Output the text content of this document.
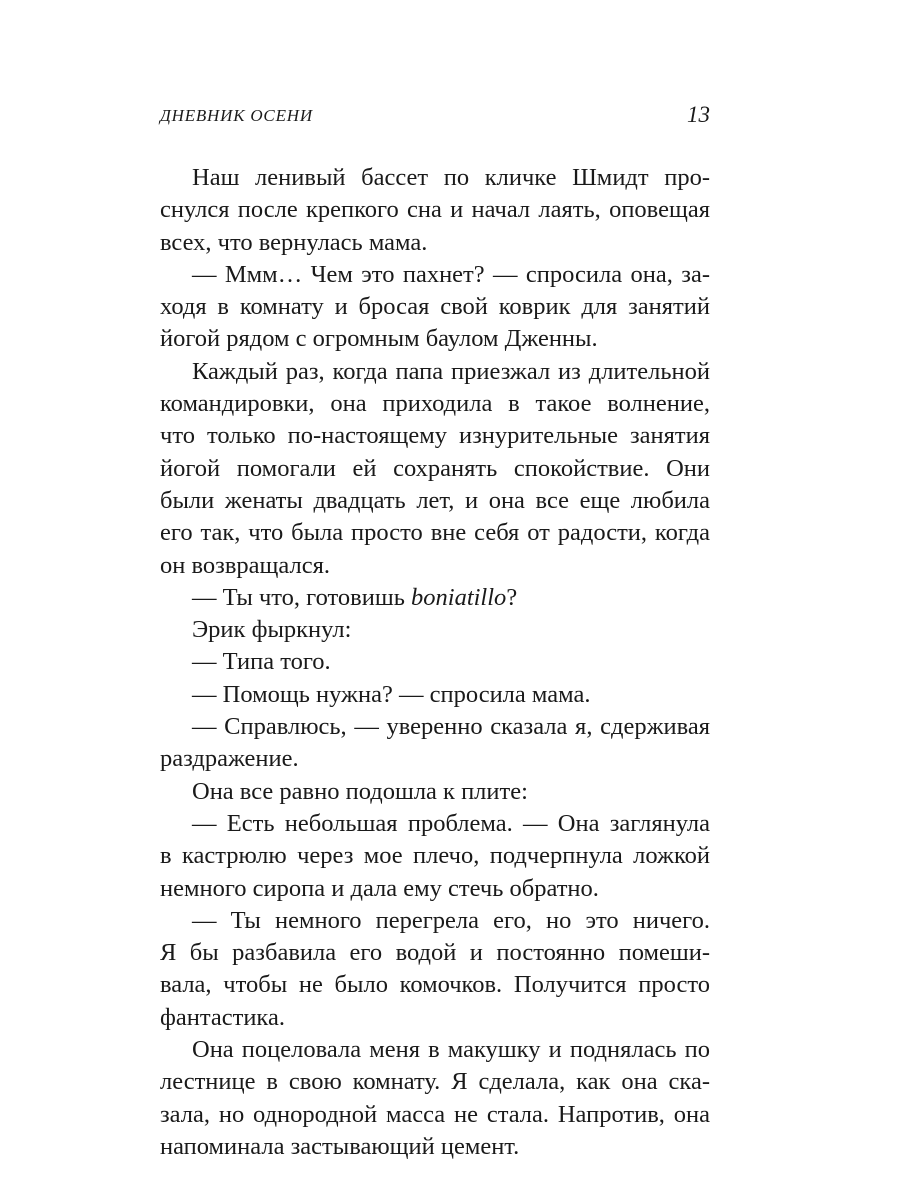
ДНЕВНИК ОСЕНИ	13
Наш ленивый бассет по кличке Шмидт про-
снулся после крепкого сна и начал лаять, оповещая
всех, что вернулась мама.
— Ммм… Чем это пахнет? — спросила она, за-
ходя в комнату и бросая свой коврик для занятий
йогой рядом с огромным баулом Дженны.
Каждый раз, когда папа приезжал из длительной
командировки, она приходила в такое волнение,
что только по-настоящему изнурительные занятия
йогой помогали ей сохранять спокойствие. Они
были женаты двадцать лет, и она все еще любила
его так, что была просто вне себя от радости, когда
он возвращался.
— Ты что, готовишь boniatillo?
Эрик фыркнул:
— Типа того.
— Помощь нужна? — спросила мама.
— Справлюсь, — уверенно сказала я, сдерживая
раздражение.
Она все равно подошла к плите:
— Есть небольшая проблема. — Она заглянула
в кастрюлю через мое плечо, подчерпнула ложкой
немного сиропа и дала ему стечь обратно.
— Ты немного перегрела его, но это ничего.
Я бы разбавила его водой и постоянно помеши-
вала, чтобы не было комочков. Получится просто
фантастика.
Она поцеловала меня в макушку и поднялась по
лестнице в свою комнату. Я сделала, как она ска-
зала, но однородной масса не стала. Напротив, она
напоминала застывающий цемент.
